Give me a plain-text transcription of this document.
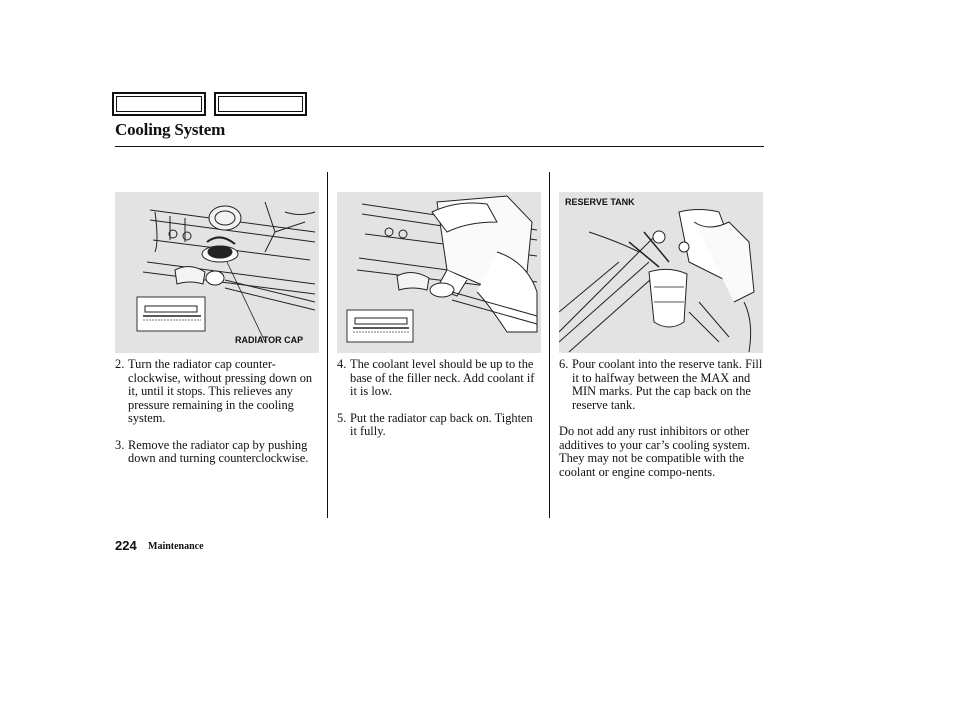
Cooling System
RADIATOR CAP
RESERVE TANK
2. Turn the radiator cap counter-clockwise, without pressing down on it, until it stops. This relieves any pressure remaining in the cooling system.
3. Remove the radiator cap by pushing down and turning counterclockwise.
4. The coolant level should be up to the base of the filler neck. Add coolant if it is low.
5. Put the radiator cap back on. Tighten it fully.
6. Pour coolant into the reserve tank. Fill it to halfway between the MAX and MIN marks. Put the cap back on the reserve tank.

Do not add any rust inhibitors or other additives to your car’s cooling system. They may not be compatible with the coolant or engine compo-nents.

224 Maintenance
